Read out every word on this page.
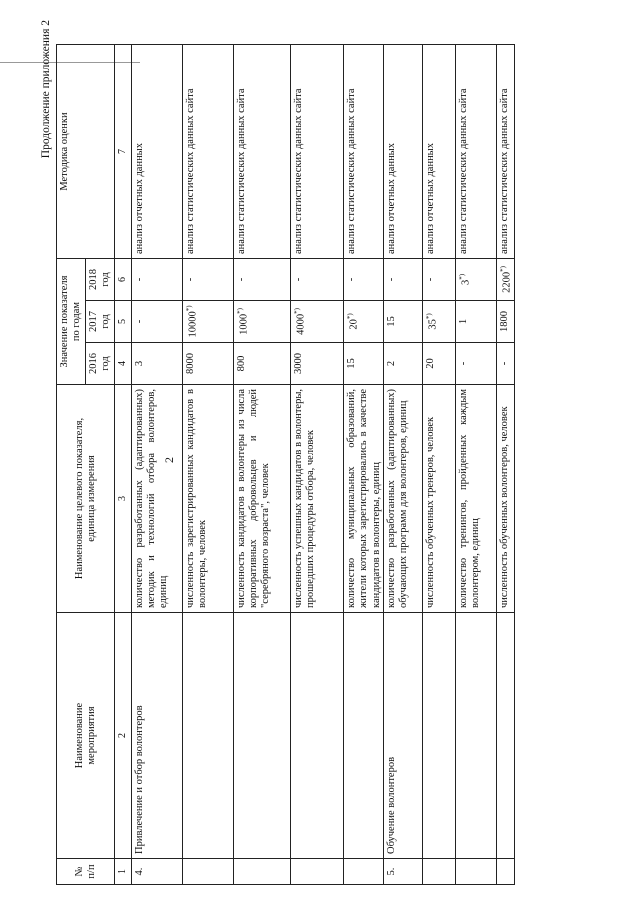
2
Продолжение приложения 2
№
п/п	Наименование
мероприятия	Наименование целевого показателя,
единица измерения	Значение показателя
по годам			Методика оценки
			2016
год	2017
год	2018
год	
1	2	3	4	5	6	7
4.	Привлечение и отбор волонтеров	количество разработанных (адаптированных) методик и технологий отбора волонтеров, единиц	3	-	-	анализ отчетных данных
		численность зарегистрированных кандидатов в волонтеры, человек	8000	10000*)	-	анализ статистических данных сайта
		численность кандидатов в волонтеры из числа корпоративных добровольцев и людей "серебряного возраста", человек	800	1000*)	-	анализ статистических данных сайта
		численность успешных кандидатов в волонтеры, прошедших процедуры отбора, человек	3000	4000*)	-	анализ статистических данных сайта
		количество муниципальных образований, жители которых зарегистрировались в качестве кандидатов в волонтеры, единиц	15	20*)	-	анализ статистических данных сайта
5.	Обучение волонтеров	количество разработанных (адаптированных) обучающих программ для волонтеров, единиц	2	15	-	анализ отчетных данных
		численность обученных тренеров, человек	20	35*)	-	анализ отчетных данных
		количество тренингов, пройденных каждым волонтером, единиц	-	1	3*)	анализ статистических данных сайта
		численность обученных волонтеров, человек	-	1800	2200*)	анализ статистических данных сайта
